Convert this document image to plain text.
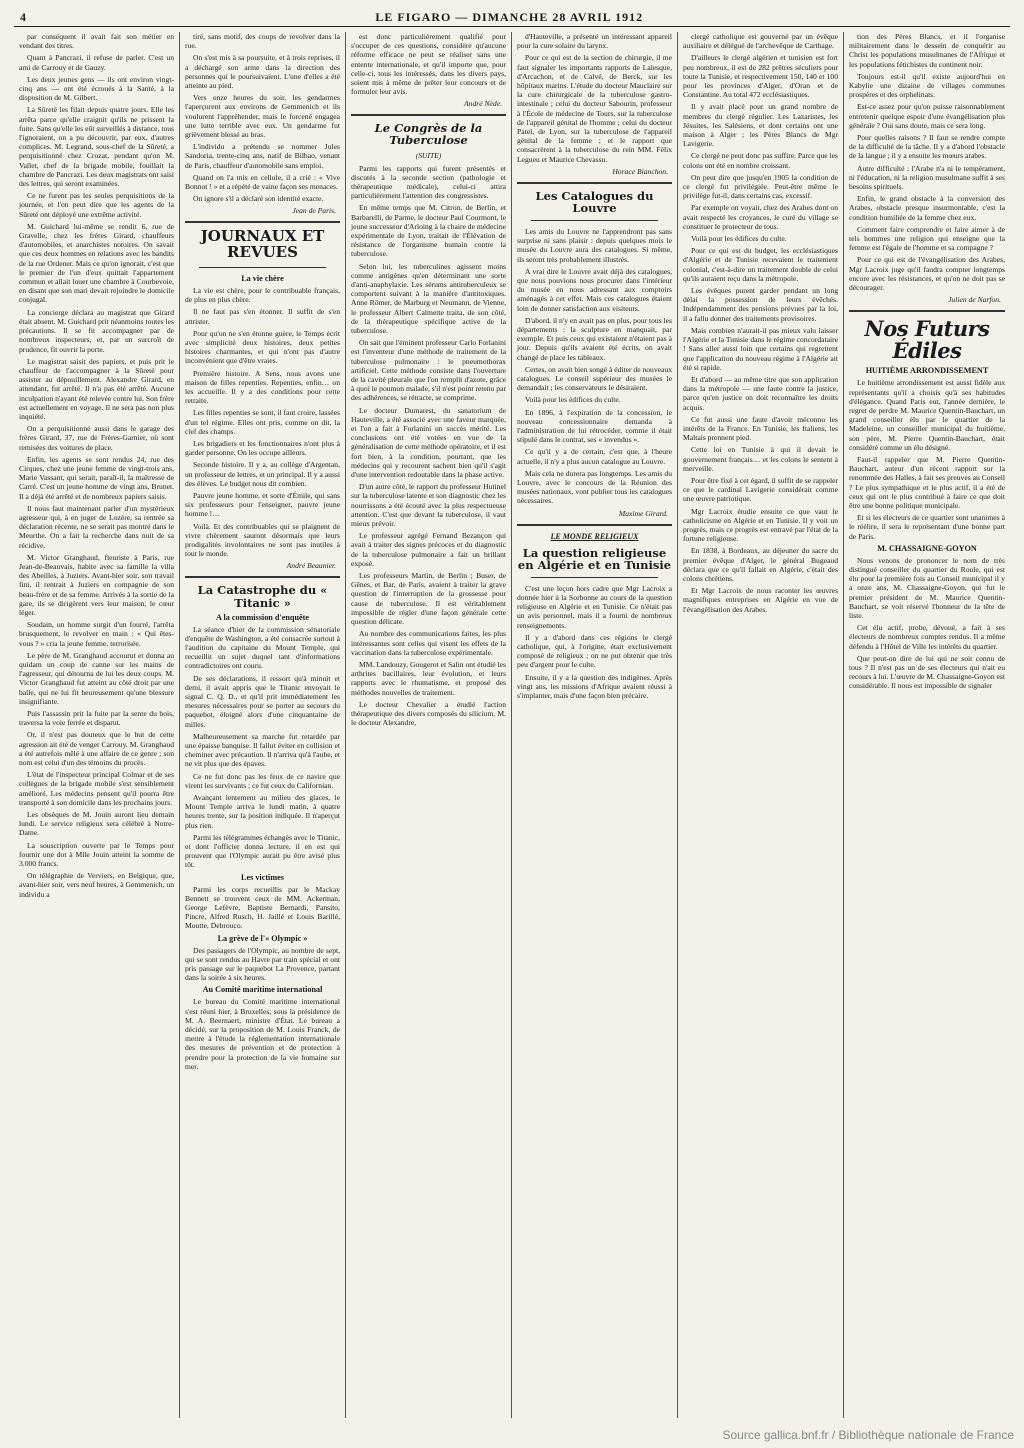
4	LE FIGARO — DIMANCHE 28 AVRIL 1912

par conséquent il avait fait son métier en vendant des titres.

Quant à Pancrazi, il refuse de parler. C'est un ami de Carrouy et de Gauzy.

Les deux jeunes gens — ils ont environ vingt-cinq ans — ont été écroués à la Santé, à la disposition de M. Gilbert.

La Sûreté les filait depuis quatre jours. Elle les arrêta parce qu'elle craignit qu'ils ne prissent la fuite. Sans qu'elle les eût surveillés à distance, tous l'ignoraient, on a pu découvrir, par eux, d'autres complices. M. Legrand, sous-chef de la Sûreté, a perquisitionné chez Crozat, pendant qu'on M. Vallet, chef de la brigade mobile, fouillait la chambre de Pancrazi. Les deux magistrats ont saisi des lettres, qui seront examinées.

Ce ne furent pas les seules perquisitions de la journée, et l'on peut dire que les agents de la Sûreté ont déployé une extrême activité.

M. Guichard lui-même se rendit 6, rue de Gravelle, chez les frères Girard, chauffeurs d'automobiles, et anarchistes notoires. On savait que ces deux hommes en relations avec les bandits de la rue Ordener. Mais ce qu'on ignorait, c'est que le premier de l'un d'eux quittait l'appartement commun et allait louer une chambre à Courbevoie, en disant que son mari devait rejoindre le domicile conjugal.

La concierge déclara au magistrat que Girard était absent. M. Guichard prit néanmoins toutes les précautions. Il se fit accompagner par de nombreux inspecteurs, et, par un surcroît de prudence, fit ouvrir la porte.

Le magistrat saisit des papiers, et puis prit le chauffeur de l'accompagner à la Sûreté pour assister au dépouillement. Alexandre Girard, en attendant, fut arrêté. Il n'a pas été arrêté. Aucune inculpation n'ayant été relevée contre lui. Son frère est actuellement en voyage. Il ne sera pas non plus inquiété.

On a perquisitionné aussi dans le garage des frères Girard, 37, rue de Frères-Garnier, où sont remisées des voitures de place.

Enfin, les agents se sont rendus 24, rue des Cirques, chez une jeune femme de vingt-trois ans, Marie Vassant, qui serait, paraît-il, la maîtresse de Carré. C'est un jeune homme de vingt ans, Brunet. Il a déjà été arrêté et de nombreux papiers saisis.

Il nous faut maintenant parler d'un mystérieux agresseur qui, à en juger de Lozère, sa rentrée sa déclaration récente, ne se serait pas montré dans le Meurthe. On a fait la recherche dans nuit de sa récidive.

M. Victor Granghaud, fleuriste à Paris, rue Jean-de-Beauvais, habite avec sa famille la villa des Abeilles, à Juziers. Avant-hier soir, son travail fini, il rentrait à Juziers en compagnie de son beau-frère et de sa femme. Arrivés à la sortie de la gare, ils se dirigèrent vers leur maison, le cœur léger.

Soudain, un homme surgit d'un fourré, l'arrêta brusquement, le revolver en main : « Qui êtes-vous ? » cria la jeune femme, terrorisée.

Le père de M. Granghaud accourut et donna au quidam un coup de canne sur les mains de l'agresseur, qui détourna de lui les deux coups. M. Victor Granghaud fut atteint au côté droit par une balle, qui ne lui fit heureusement qu'une blessure insignifiante.

Puis l'assassin prit la fuite par la sente du bois, traversa la voie ferrée et disparut.

Or, il n'est pas douteux que le but de cette agression ait été de venger Carrouy. M. Granghaud a été autrefois mêlé à une affaire de ce genre ; son nom est celui d'un des témoins du procès.

L'état de l'inspecteur principal Colmar et de ses collègues de la brigade mobile s'est sensiblement amélioré. Les médecins pensent qu'il pourra être transporté à son domicile dans les prochains jours.

Les obsèques de M. Jouin auront lieu demain lundi. Le service religieux sera célébré à Notre-Dame.

La souscription ouverte par le Temps pour fournir une dot à Mlle Jouin atteint la somme de 3.000 francs.

On télégraphie de Verviers, en Belgique, que, avant-hier soir, vers neuf heures, à Gemmenich, un individu a

tiré, sans motif, des coups de revolver dans la rue.

On s'est mis à sa poursuite, et à trois reprises, il a déchargé son arme dans la direction des personnes qui le poursuivaient. L'une d'elles a été atteinte au pied.

Vers onze heures du soir, les gendarmes l'aperçurent aux environs de Gemmenich et ils voulurent l'appréhender, mais le forcené engagea une lutte terrible avec eux. Un gendarme fut grièvement blessé au bras.

L'individu a prétendu se nommer Jules Sandoria, trente-cinq ans, natif de Bilbao, venant de Paris, chauffeur d'automobile sans emploi.

Quand on l'a mis en cellule, il a crié : « Vive Bonnot ! » et a répété de vaine façon ses menaces.

On ignore s'il a déclaré son identité exacte.

Jean de Paris.
JOURNAUX ET REVUES
La vie chère

La vie est chère, pour le contribuable français, de plus en plus chère.

Il ne faut pas s'en étonner. Il suffit de s'en attrister.

Pour qu'on ne s'en étonne guère, le Temps écrit avec simplicité deux histoires, deux petites histoires charmantes, et qui n'ont pas d'autre inconvénient que d'être vraies.

Première histoire. A Sens, nous avons une maison de filles repenties. Repenties, enfin… on les accueille. Il y a des conditions pour cette retraite.

Les filles repenties se sont, il faut croire, lassées d'un tel régime. Elles ont pris, comme on dit, la clef des champs.

Les brigadiers et les fonctionnaires n'ont plus à garder personne. On les occupe ailleurs.

Seconde histoire. Il y a, au collège d'Argentan, un professeur de lettres, et un principal. Il y a aussi des élèves. Le budget nous dit combien.

Pauvre jeune homme, et sorte d'Émile, qui sans six professeurs pour l'enseigner, pauvre jeune homme !…

Voilà. Et des contribuables qui se plaignent de vivre chèrement sauront désormais que leurs prodigalités involontaires ne sont pas inutiles à tout le monde.

André Beaunier.
La Catastrophe du « Titanic »
A la commission d'enquête

La séance d'hier de la commission sénatoriale d'enquête de Washington, a été consacrée surtout à l'audition du capitaine du Mount Temple, qui recueillit un sujet duquel tant d'informations contradictoires ont couru.

De ses déclarations, il ressort qu'à minuit et demi, il avait appris que le Titanic envoyait le signal C. Q. D., et qu'il prit immédiatement les mesures nécessaires pour se porter au secours du paquebot, éloigné alors d'une cinquantaine de milles.

Malheureusement sa marche fut retardée par une épaisse banquise. Il fallut éviter en collision et cheminer avec précaution. Il n'arriva qu'à l'aube, et ne vit plus que des épaves.

Ce ne fut donc pas les feux de ce navire que virent les survivants ; ce fut ceux du Californian.

Avançant lentement au milieu des glaces, le Mount Temple arriva le lundi matin, à quatre heures trente, sur la position indiquée. Il n'aperçut plus rien.

Parmi les télégrammes échangés avec le Titanic, et dont l'officier donna lecture, il en est qui prouvent que l'Olympic aurait pu être avisé plus tôt.

Les victimes

Parmi les corps recueillis par le Mackay Bennett se trouvent ceux de MM. Ackerman, George Lefèvre, Baptiste Bernardi, Pansito, Pincre, Alfred Rusch, H. Jaillé et Louis Barillé, Moutte, Debrouco.

La grève de l'« Olympic »

Des passagers de l'Olympic, au nombre de sept, qui se sont rendus au Havre par train spécial et ont pris passage sur le paquebot La Provence, partant dans la soirée à six heures.

Au Comité maritime international

Le bureau du Comité maritime international s'est réuni hier, à Bruxelles, sous la présidence de M. A. Beernaert, ministre d'État. Le bureau a décidé, sur la proposition de M. Louis Franck, de mettre à l'étude la réglementation internationale des mesures de prévention et de protection à prendre pour la protection de la vie humaine sur mer.

est donc particulièrement qualifié pour s'occuper de ces questions, considère qu'aucune réforme efficace ne peut se réaliser sans une entente internationale, et qu'il importe que, pour celle-ci, tous les intéressés, dans les divers pays, soient mis à même de prêter leur concours et de formuler leur avis.

André Nède.
Le Congrès de la Tuberculose
(SUITE)

Parmi les rapports qui furent présentés et discutés à la seconde section (pathologie et thérapeutique médicale), celui-ci attira particulièrement l'attention des congressistes.

En même temps que M. Citron, de Berlin, et Barbarelli, de Parme, le docteur Paul Courmont, le jeune successeur d'Arloing à la chaire de médecine expérimentale de Lyon, traitait de l'Élévation de résistance de l'organisme humain contre la tuberculose.

Selon lui, les tuberculines agissent moins comme antigènes qu'en déterminant une sorte d'anti-anaphylaxie. Les sérums antituberculeux se comportent suivant à la manière d'antitoxiques. Anne Römer, de Marburg et Neumann, de Vienne, le professeur Albert Calmette traita, de son côté, de la thérapeutique spécifique active de la tuberculose.

On sait que l'éminent professeur Carlo Forlanini est l'inventeur d'une méthode de traitement de la tuberculose pulmonaire : le pneumothorax artificiel. Cette méthode consiste dans l'ouverture de la cavité pleurale que l'on remplit d'azote, grâce à quoi le poumon malade, s'il n'est point retenu par des adhérences, se rétracte, se comprime.

Le docteur Dumarest, du sanatorium de Hauteville, a été associé avec une faveur marquée, et l'on a fait à Forlanini un succès mérité. Les conclusions ont été votées en vue de la généralisation de cette méthode opératoire, et il est fort bien, à la condition, pourtant, que les médecins qui y recourent sachent bien qu'il s'agit d'une intervention redoutable dans la phase active.

D'un autre côté, le rapport du professeur Hutinel sur la tuberculose latente et son diagnostic chez les nourrissons a été écouté avec la plus respectueuse attention. C'est que devant la tuberculose, il vaut mieux prévoir.

Le professeur agrégé Fernand Bezançon qui avait à traiter des signes précoces et du diagnostic de la tuberculose pulmonaire a fait un brillant exposé.

Les professeurs Martin, de Berlin ; Buser, de Gênes, et Bar, de Paris, avaient à traiter la grave question de l'interruption de la grossesse pour cause de tuberculose. Il est véritablement impossible de régler d'une façon générale cette question délicate.

Au nombre des communications faites, les plus intéressantes sont celles qui visent les effets de la vaccination dans la tuberculose expérimentale.

MM. Landouzy, Gougerot et Salin ont étudié les arthrites bacillaires, leur évolution, et leurs rapports avec le rhumatisme, et proposé des méthodes nouvelles de traitement.

Le docteur Chevalier a étudié l'action thérapeutique des divers composés du silicium. M. le docteur Alexandre,

d'Hauteville, a présenté un intéressant appareil pour la cure solaire du larynx.

Pour ce qui est de la section de chirurgie, il me faut signaler les importants rapports de Lalesque, d'Arcachon, et de Calvé, de Berck, sur les hôpitaux marins. L'étude du docteur Mauclaire sur la cure chirurgicale de la tuberculose gastro-intestinale ; celui du docteur Sabourin, professeur à l'École de médecine de Tours, sur la tuberculose de l'appareil génital de l'homme ; celui du docteur Patel, de Lyon, sur la tuberculose de l'appareil génital de la femme ; et le rapport que consacrèrent à la tuberculose du rein MM. Félix Legueu et Maurice Chevassu.

Horace Bianchon.
Les Catalogues du Louvre

Les amis du Louvre ne l'apprendront pas sans surprise ni sans plaisir : depuis quelques mois le musée du Louvre aura des catalogues. Si même, ils seront très probablement illustrés.

A vrai dire le Louvre avait déjà des catalogues, que nous pouvions nous procurer dans l'intérieur du musée en nous adressant aux comptoirs aménagés à cet effet. Mais ces catalogues étaient loin de donner satisfaction aux visiteurs.

D'abord, il n'y en avait pas en plus, pour tous les départements : la sculpture en manquait, par exemple. Et puis ceux qui existaient n'étaient pas à jour. Depuis qu'ils avaient été écrits, on avait changé de place les tableaux.

Certes, on avait bien songé à éditer de nouveaux catalogues. Le conseil supérieur des musées le demandait ; les conservateurs le désiraient.

Voilà pour les édifices du culte.

En 1896, à l'expiration de la concession, le nouveau concessionnaire demanda à l'administration de lui rétrocéder, comme il était stipulé dans le contrat, ses « invendus ».

Ce qu'il y a de certain, c'est que, à l'heure actuelle, il n'y a plus aucun catalogue au Louvre.

Mais cela ne durera pas longtemps. Les amis du Louvre, avec le concours de la Réunion des musées nationaux, vont publier tous les catalogues nécessaires.

Maxime Girard.
LE MONDE RELIGIEUX
La question religieuse en Algérie et en Tunisie

C'est une leçon hors cadre que Mgr Lacroix a donnée hier à la Sorbonne au cours de la question religieuse en Algérie et en Tunisie. Ce n'était pas un avis personnel, mais il a fourni de nombreux renseignements.

Il y a d'abord dans ces régions le clergé catholique, qui, à l'origine, était exclusivement composé de religieux ; on ne put obtenir que très peu d'argent pour le culte.

Ensuite, il y a la question des indigènes. Après vingt ans, les missions d'Afrique avaient réussi à s'implanter, mais d'une façon bien précaire.

clergé catholique est gouverné par un évêque auxiliaire et délégué de l'archevêque de Carthage.

D'ailleurs le clergé algérien et tunisien est fort peu nombreux, il est de 282 prêtres séculiers pour toute la Tunisie, et respectivement 150, 140 et 100 pour les provinces d'Alger, d'Oran et de Constantine. Au total 472 ecclésiastiques.

Il y avait placé pour un grand nombre de membres du clergé régulier. Les Lazaristes, les Jésuites, les Salésiens, et dont certains ont une maison à Alger ; les Pères Blancs de Mgr Lavigerie.

Ce clergé ne peut donc pas suffire. Parce que les colons ont été en nombre croissant.

On peut dire que jusqu'en 1905 la condition de ce clergé fut privilégiée. Peut-être même le privilège fut-il, dans certains cas, excessif.

Par exemple on voyait, chez des Arabes dont on avait respecté les croyances, le curé du village se constituer le protecteur de tous.

Voilà pour les édifices du culte.

Pour ce qui est du budget, les ecclésiastiques d'Algérie et de Tunisie recevaient le traitement colonial, c'est-à-dire un traitement double de celui qu'ils auraient reçu dans la métropole.

Les évêques purent garder pendant un long délai la possession de leurs évêchés. Indépendamment des pensions prévues par la loi, il a fallu donner des traitements provisoires.

Mais combien n'aurait-il pas mieux valu laisser l'Algérie et la Tunisie dans le régime concordataire ! Sans aller aussi loin que certains qui regrettent que l'application du nouveau régime à l'Algérie ait été si rapide.

Et d'abord — au même titre que son application dans la métropole — une faute contre la justice, parce qu'en justice on doit reconnaître les droits acquis.

Ce fut aussi une faute d'avoir méconnu les intérêts de la France. En Tunisie, les Italiens, les Maltais prennent pied.

Cette loi en Tunisie à qui il devait le gouvernement français… et les colons le sentent à merveille.

Pour être fixé à cet égard, il suffit de se rappeler ce que le cardinal Lavigerie considérait comme une œuvre patriotique.

Mgr Lacroix étudie ensuite ce que vaut le catholicisme en Algérie et en Tunisie. Il y voit un progrès, mais ce progrès est entravé par l'état de la fortune religieuse.

En 1838, à Bordeaux, au déjeuner du sacre du premier évêque d'Alger, le général Bugeaud déclara que ce qu'il fallait en Algérie, c'était des colons chrétiens.

Et Mgr Lacroix de nous raconter les œuvres magnifiques entreprises en Algérie en vue de l'évangélisation des Arabes.

tion des Pères Blancs, et il l'organise militairement dans le dessein de conquérir au Christ les populations musulmanes de l'Afrique et les populations fétichistes du continent noir.

Toujours est-il qu'il existe aujourd'hui en Kabylie une dizaine de villages communes prospères et des orphelinats.

Est-ce assez pour qu'on puisse raisonnablement entretenir quelque espoir d'une évangélisation plus générale ? Oui sans doute, mais ce sera long.

Pour quelles raisons ? Il faut se rendre compte de la difficulté de la tâche. Il y a d'abord l'obstacle de la langue ; il y a ensuite les mœurs arabes.

Autre difficulté : l'Arabe n'a ni le tempérament, ni l'éducation, ni la religion musulmane suffit à ses besoins spirituels.

Enfin, le grand obstacle à la conversion des Arabes, obstacle presque insurmontable, c'est la condition humiliée de la femme chez eux.

Comment faire comprendre et faire aimer à de tels hommes une religion qui enseigne que la femme est l'égale de l'homme et sa compagne ?

Pour ce qui est de l'évangélisation des Arabes, Mgr Lacroix juge qu'il faudra compter longtemps encore avec les résistances, et qu'on ne doit pas se décourager.

Julien de Narfon.
Nos Futurs Édiles
HUITIÈME ARRONDISSEMENT

Le huitième arrondissement est aussi fidèle aux représentants qu'il a choisis qu'à ses habitudes d'élégance. Quand Paris eut, l'année dernière, le regret de perdre M. Maurice Quentin-Bauchart, un grand conseiller élu par le quartier de la Madeleine, un conseiller municipal du huitième, son père, M. Pierre Quentin-Bauchart, était considéré comme un élu désigné.

Faut-il rappeler que M. Pierre Quentin-Bauchart, auteur d'un récent rapport sur la renommée des Halles, à fait ses preuves au Conseil ? Le plus sympathique et le plus actif, il a été de ceux qui ont le plus contribué à faire ce que doit être une bonne politique municipale.

Et si les électeurs de ce quartier sont unanimes à le réélire, il sera le représentant d'une bonne part de Paris.

M. CHASSAIGNE-GOYON

Nous venons de prononcer le nom de très distingué conseiller du quartier du Roule, qui est élu pour la première fois au Conseil municipal il y a onze ans, M. Chassaigne-Goyon, qui fut le premier président de M. Maurice Quentin-Bauchart, se voit réservé l'honneur de la tête de liste.

Cet élu actif, probe, dévoué, a fait à ses électeurs de nombreux comptes rendus. Il a même défendu à l'Hôtel de Ville les intérêts du quartier.

Que peut-on dire de lui qui ne soit connu de tous ? Il n'est pas un de ses électeurs qui n'ait eu recours à lui. L'œuvre de M. Chassaigne-Goyon est considérable. Il nous est impossible de signaler

Source gallica.bnf.fr / Bibliothèque nationale de France
